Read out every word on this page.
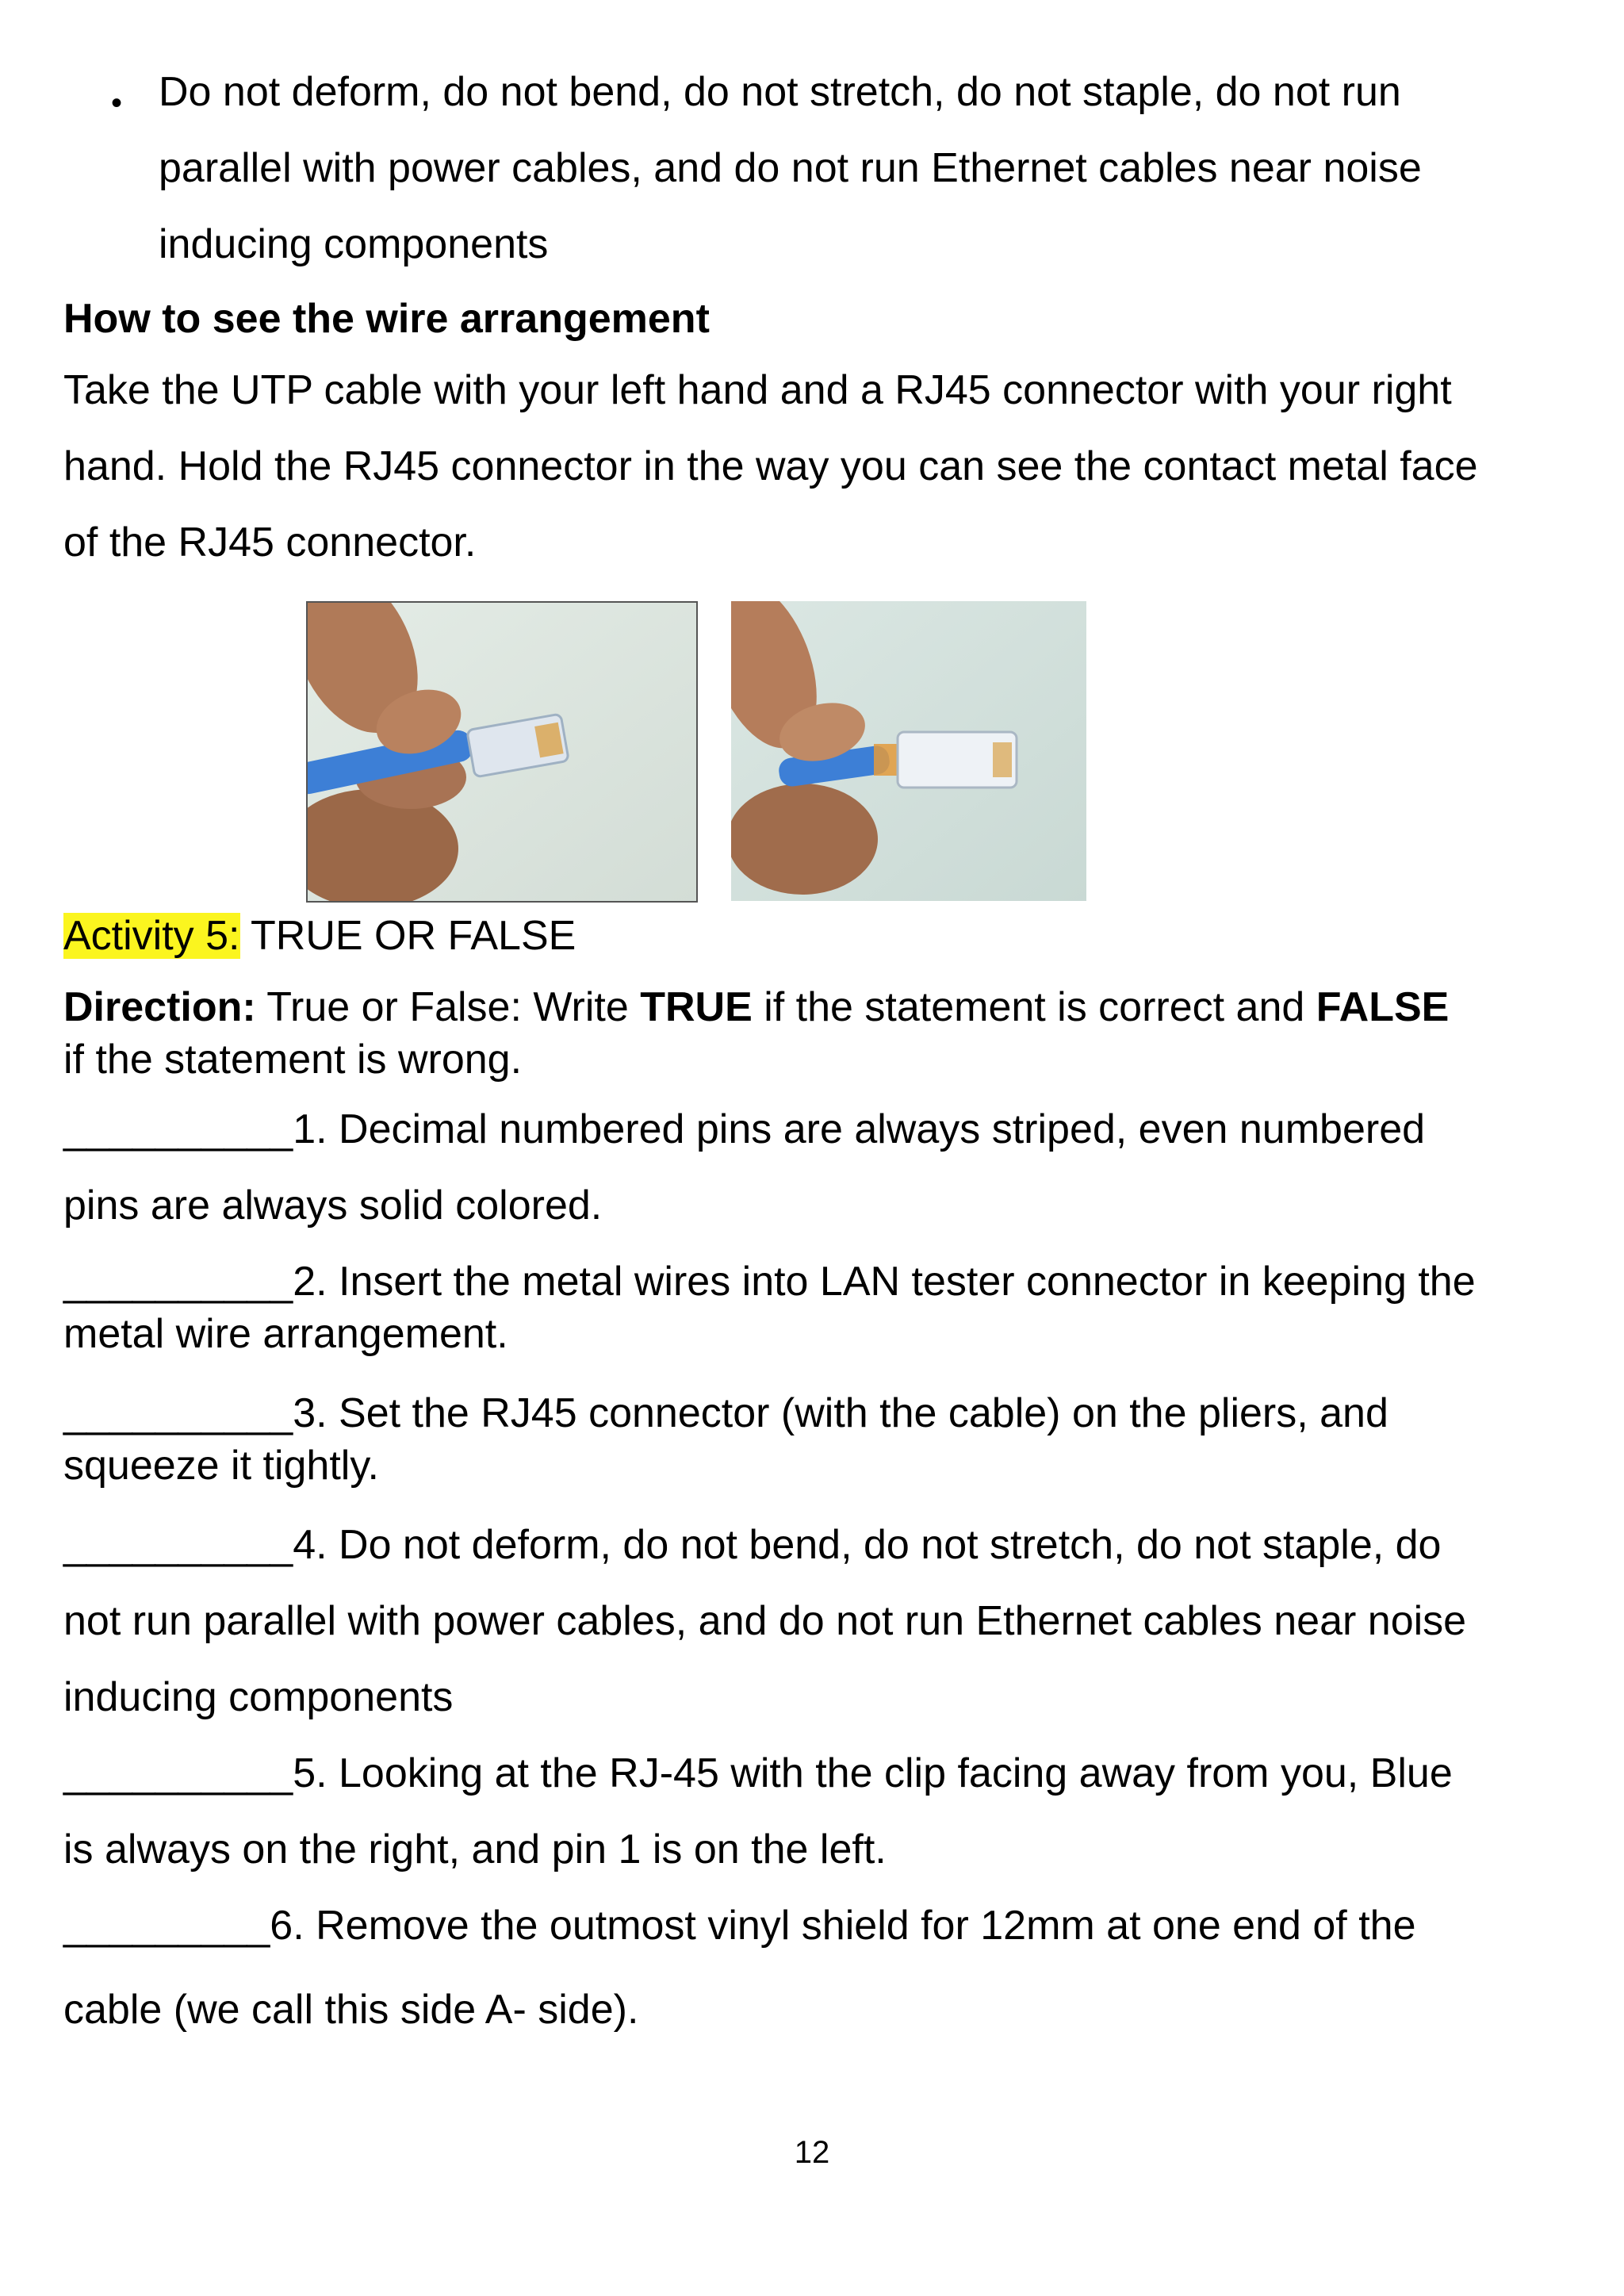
• Do not deform, do not bend, do not stretch, do not staple, do not run
parallel with power cables, and do not run Ethernet cables near noise
inducing components
How to see the wire arrangement
Take the UTP cable with your left hand and a RJ45 connector with your right
hand. Hold the RJ45 connector in the way you can see the contact metal face
of the RJ45 connector.
Activity 5: TRUE OR FALSE
Direction: True or False: Write TRUE if the statement is correct and FALSE
if the statement is wrong.
__________1. Decimal numbered pins are always striped, even numbered
pins are always solid colored.
__________2. Insert the metal wires into LAN tester connector in keeping the
metal wire arrangement.
__________3. Set the RJ45 connector (with the cable) on the pliers, and
squeeze it tightly.
__________4. Do not deform, do not bend, do not stretch, do not staple, do
not run parallel with power cables, and do not run Ethernet cables near noise
inducing components
__________5. Looking at the RJ-45 with the clip facing away from you, Blue
is always on the right, and pin 1 is on the left.
_________6. Remove the outmost vinyl shield for 12mm at one end of the
cable (we call this side A- side).
12
